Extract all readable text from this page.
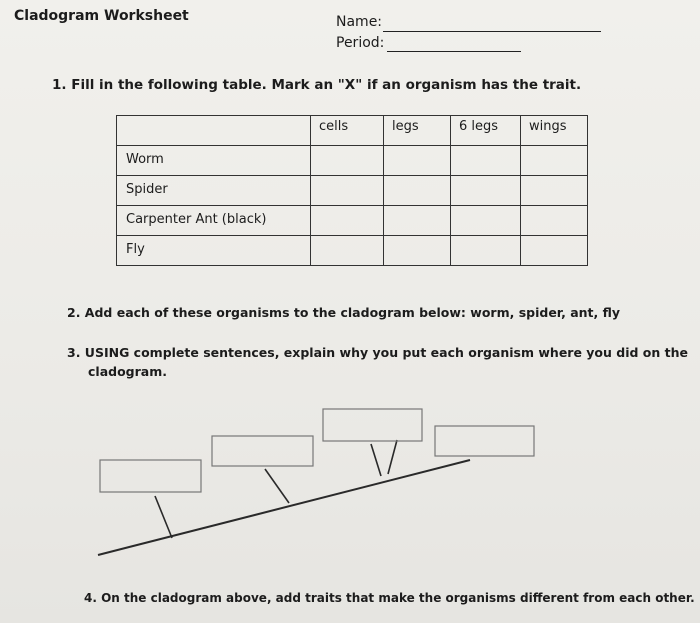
Cladogram Worksheet	Name:
Period:
1. Fill in the following table. Mark an "X" if an organism has the trait.
	cells	legs	6 legs	wings
Worm				
Spider				
Carpenter Ant (black)				
Fly				
2. Add each of these organisms to the cladogram below: worm, spider, ant, fly
3. USING complete sentences, explain why you put each organism where you did on the
cladogram.
4. On the cladogram above, add traits that make the organisms different from each other.
